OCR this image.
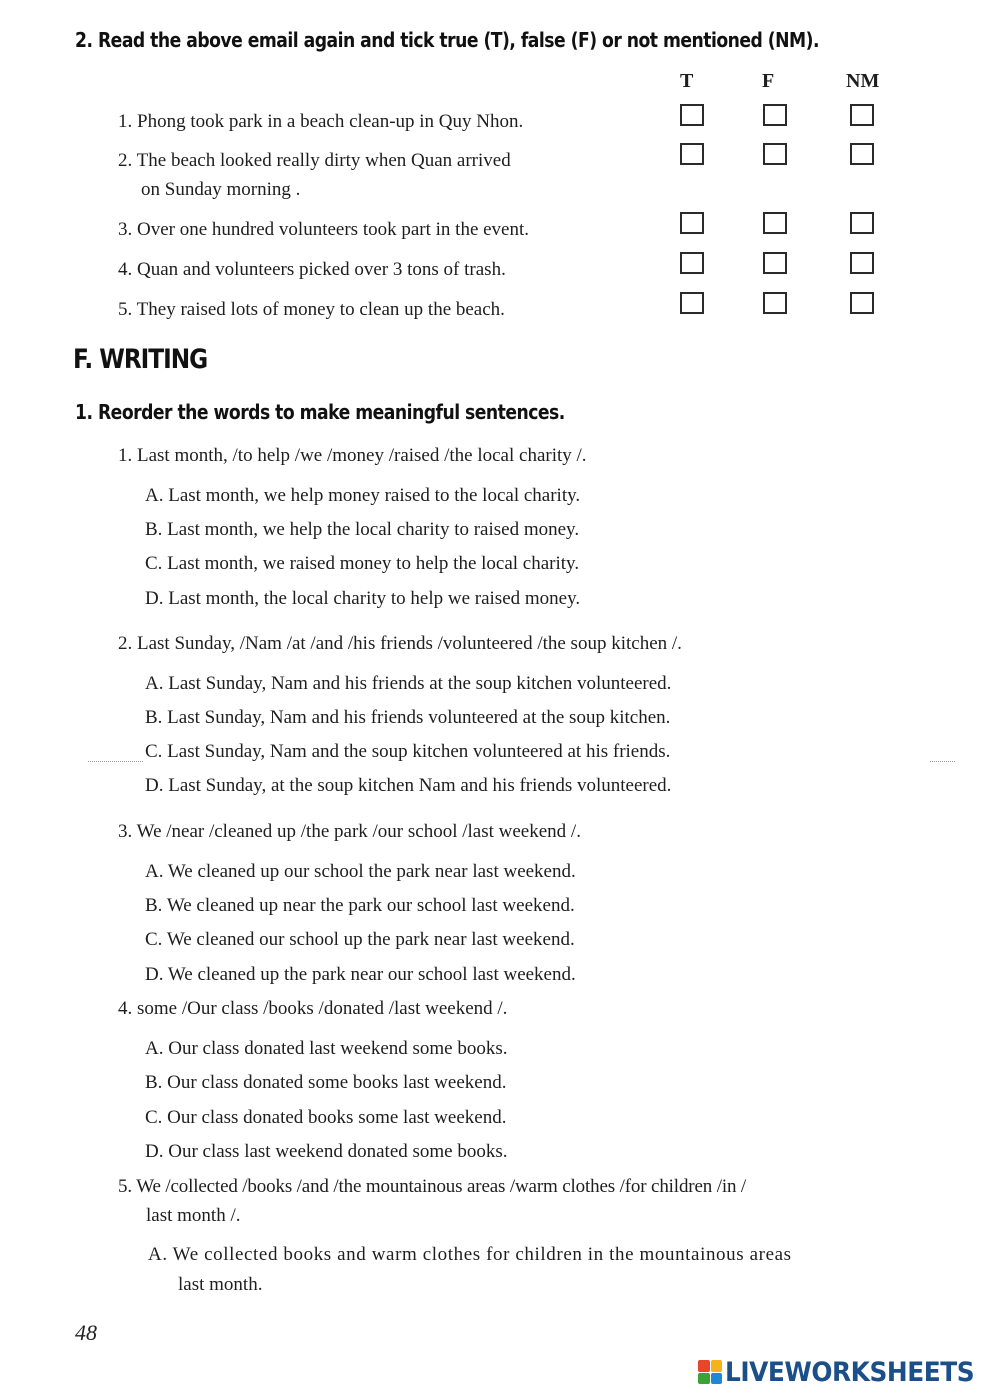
2. Read the above email again and tick true (T), false (F) or not mentioned (NM).
T	F	NM
1. Phong took park in a beach clean-up in Quy Nhon.
2. The beach looked really dirty when Quan arrived
on Sunday morning .
3. Over one hundred volunteers took part in the event.
4. Quan and volunteers picked over 3 tons of trash.
5. They raised lots of money to clean up the beach.
F. WRITING
1. Reorder the words to make meaningful sentences.
1. Last month, /to help /we /money /raised /the local charity /.
A. Last month, we help money raised to the local charity.
B. Last month, we help the local charity to raised money.
C. Last month, we raised money to help the local charity.
D. Last month, the local charity to help we raised money.
2. Last Sunday, /Nam /at /and /his friends /volunteered /the soup kitchen /.
A. Last Sunday, Nam and his friends at the soup kitchen volunteered.
B. Last Sunday, Nam and his friends volunteered at the soup kitchen.
C. Last Sunday, Nam and the soup kitchen volunteered at his friends.
D. Last Sunday, at the soup kitchen Nam and his friends volunteered.
3. We /near /cleaned up /the park /our school /last weekend /.
A. We cleaned up our school the park near last weekend.
B. We cleaned up near the park our school last weekend.
C. We cleaned our school up the park near last weekend.
D. We cleaned up the park near our school last weekend.
4. some /Our class /books /donated /last weekend /.
A. Our class donated last weekend some books.
B. Our class donated some books last weekend.
C. Our class donated books some last weekend.
D. Our class last weekend donated some books.
5. We /collected /books /and /the mountainous areas /warm clothes /for children /in /
last month /.
A. We collected books and warm clothes for children in the mountainous areas
last month.
48
LIVEWORKSHEETS
